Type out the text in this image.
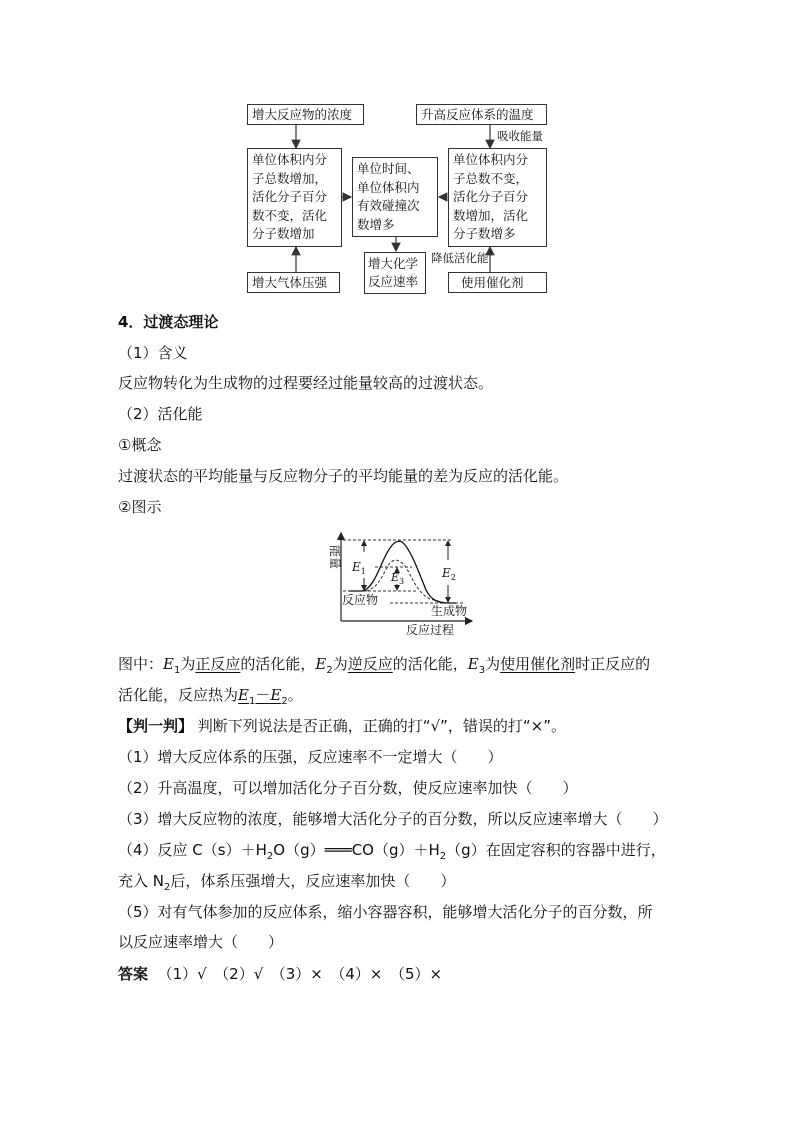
增大反应物的浓度	升高反应体系的温度
吸收能量
单位体积内分
子总数增加，
活化分子百分
数不变，活化
分子数增加
单位时间、
单位体积内
有效碰撞次
数增多
单位体积内分
子总数不变，
活化分子百分
数增加，活化
分子数增多
增大化学
反应速率
降低活化能
增大气体压强	使用催化剂
4．过渡态理论
（1）含义
反应物转化为生成物的过程要经过能量较高的过渡状态。
（2）活化能
①概念
过渡状态的平均能量与反应物分子的平均能量的差为反应的活化能。
②图示
能量 $E_1$ $E_3$
$E_2$
反应物
生成物
反应过程
图中：$E_1$为正反应的活化能，$E_2$为逆反应的活化能，$E_3$为使用催化剂时正反应的
活化能，反应热为$E_1-E_2$。
【判一判】 判断下列说法是否正确，正确的打“√”，错误的打“×”。
（1）增大反应体系的压强，反应速率不一定增大（　　）
（2）升高温度，可以增加活化分子百分数，使反应速率加快（　　）
（3）增大反应物的浓度，能够增大活化分子的百分数，所以反应速率增大（　　）
（4）反应 $C(s)+H_2O(g)═══CO(g)+H_2(g)$在固定容积的容器中进行，
充入 $N_2$后，体系压强增大，反应速率加快（　　）
（5）对有气体参加的反应体系，缩小容器容积，能够增大活化分子的百分数，所
以反应速率增大（　　）
答案 （1）√　（2）√　（3）×　（4）×　（5）×
